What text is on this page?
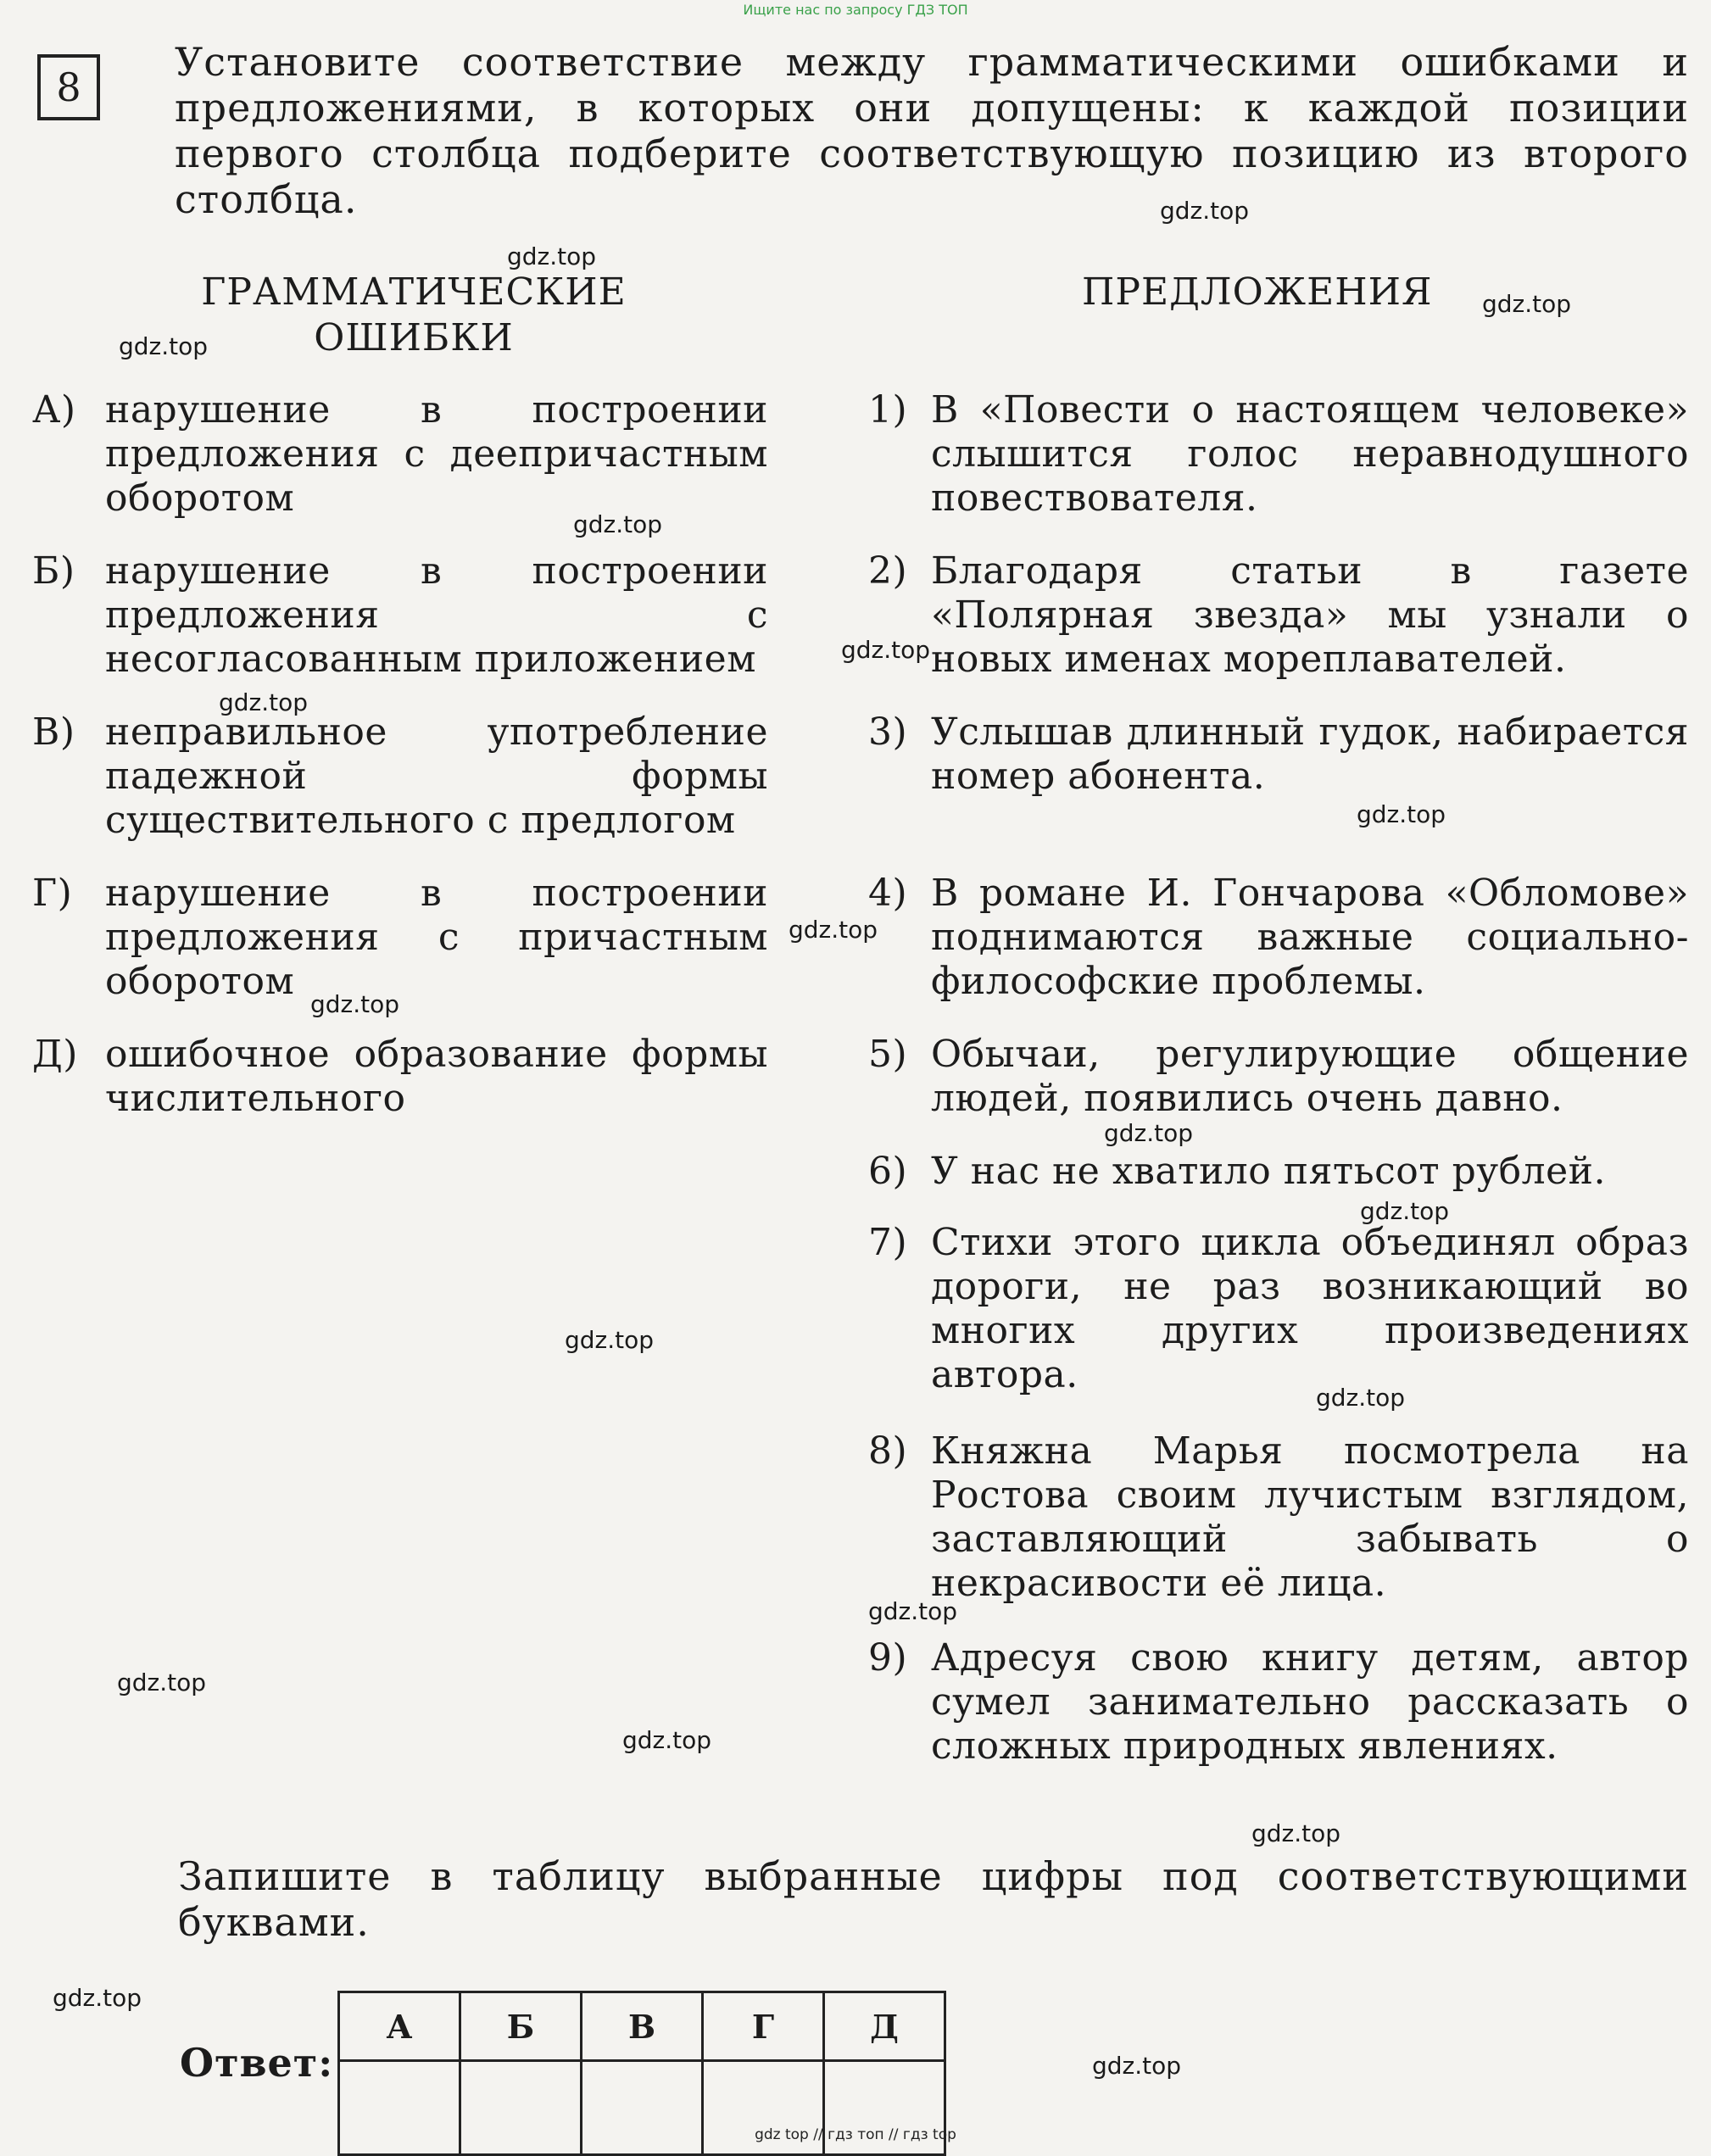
Ищите нас по запросу ГДЗ ТОП
8
Установите соответствие между грамматическими ошибками и предложениями, в которых они допущены: к каждой позиции первого столбца подберите соответствующую позицию из второго столбца.
ГРАММАТИЧЕСКИЕ ОШИБКИ
ПРЕДЛОЖЕНИЯ
А) нарушение в построении предложения с деепричастным оборотом
Б) нарушение в построении предложения с несогласованным приложением
В) неправильное употребление падежной формы существительного с предлогом
Г) нарушение в построении предложения с причастным оборотом
Д) ошибочное образование формы числительного
1) В «Повести о настоящем человеке» слышится голос неравнодушного повествователя.
2) Благодаря статьи в газете «Полярная звезда» мы узнали о новых именах мореплавателей.
3) Услышав длинный гудок, набирается номер абонента.
4) В романе И. Гончарова «Обломове» поднимаются важные социально-философские проблемы.
5) Обычаи, регулирующие общение людей, появились очень давно.
6) У нас не хватило пятьсот рублей.
7) Стихи этого цикла объединял образ дороги, не раз возникающий во многих других произведениях автора.
8) Княжна Марья посмотрела на Ростова своим лучистым взглядом, заставляющий забывать о некрасивости её лица.
9) Адресуя свою книгу детям, автор сумел занимательно рассказать о сложных природных явлениях.
Запишите в таблицу выбранные цифры под соответствующими буквами.
Ответ:
А	Б	В	Г	Д

gdz.top
gdz.top
gdz.top
gdz.top
gdz.top
gdz.top
gdz.top
gdz.top
gdz.top
gdz.top
gdz.top
gdz.top
gdz.top
gdz.top
gdz.top
gdz.top
gdz.top
gdz.top
gdz.top
gdz.top
gdz top // гдз топ // гдз top
